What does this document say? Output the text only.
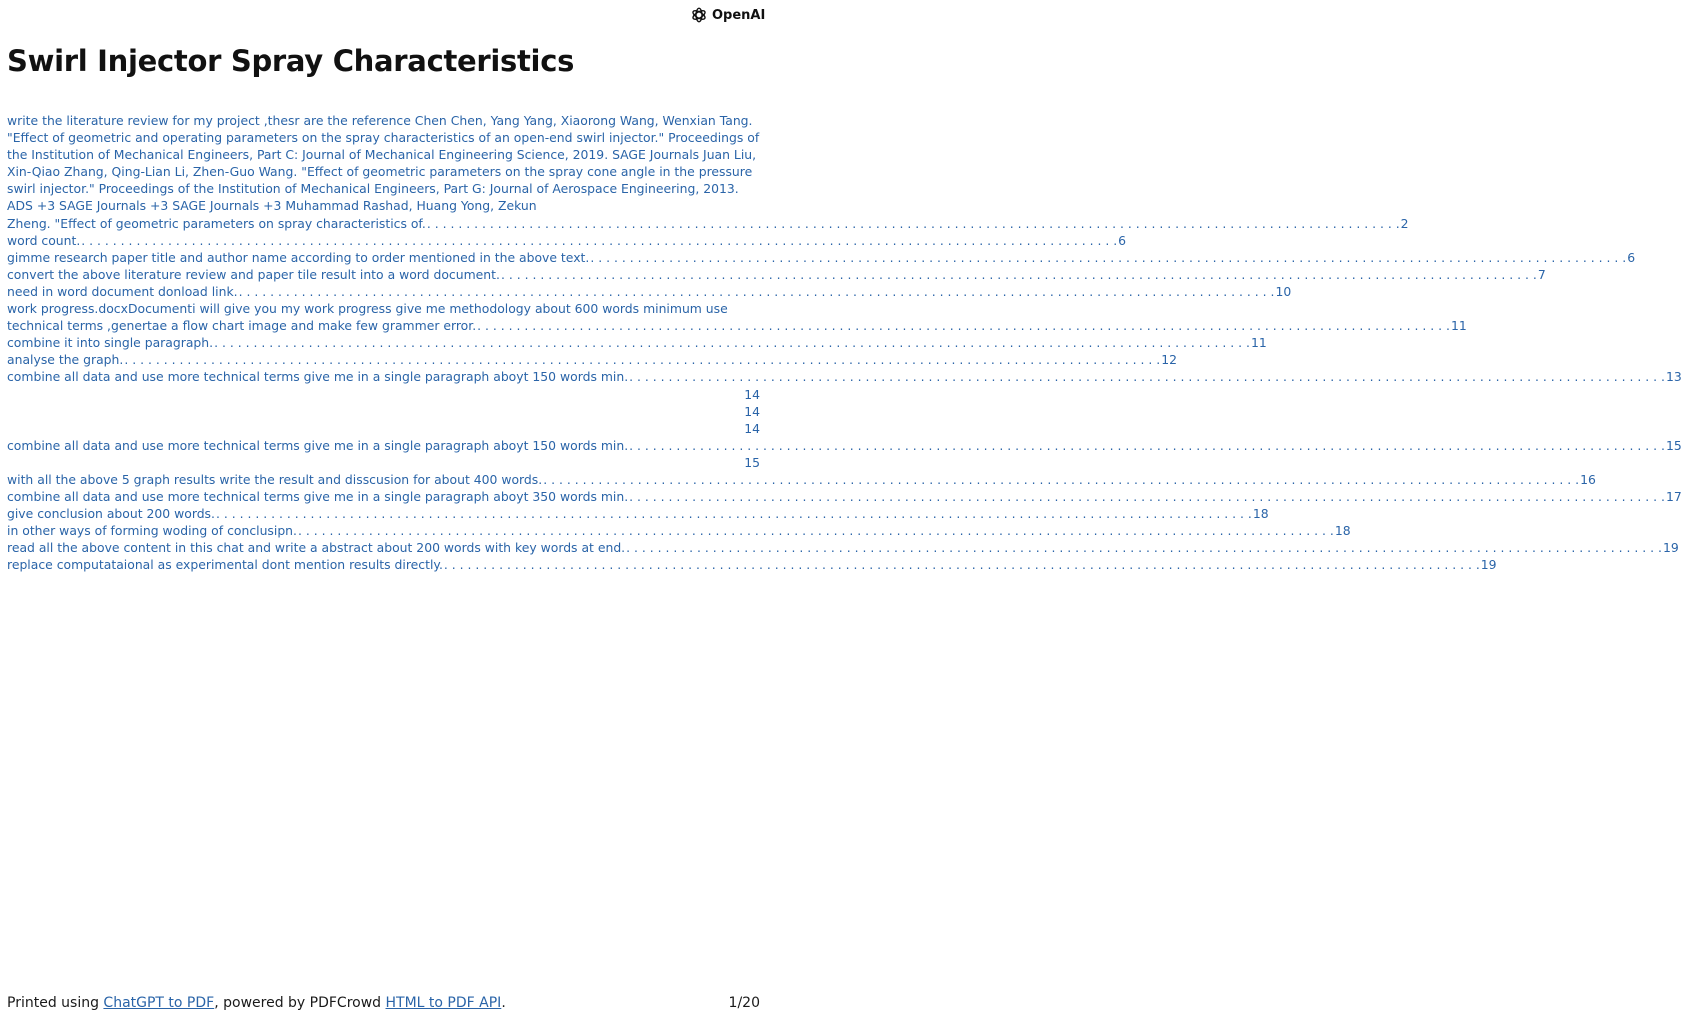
OpenAI
Swirl Injector Spray Characteristics
write the literature review for my project ,thesr are the reference Chen Chen, Yang Yang, Xiaorong Wang, Wenxian Tang. "Effect of geometric and operating parameters on the spray characteristics of an open-end swirl injector." Proceedings of the Institution of Mechanical Engineers, Part C: Journal of Mechanical Engineering Science, 2019. SAGE Journals Juan Liu, Xin-Qiao Zhang, Qing-Lian Li, Zhen-Guo Wang. "Effect of geometric parameters on the spray cone angle in the pressure swirl injector." Proceedings of the Institution of Mechanical Engineers, Part G: Journal of Aerospace Engineering, 2013. ADS +3 SAGE Journals +3 SAGE Journals +3 Muhammad Rashad, Huang Yong, Zekun
Zheng. "Effect of geometric parameters on spray characteristics of. . . .	2
word count. . . .	6
gimme research paper title and author name according to order mentioned in the above text. . . .	6
convert the above literature review and paper tile result into a word document. . . .	7
need in word document donload link. . . .	10
work progress.docxDocumenti will give you my work progress give me methodology about 600 words minimum use
technical terms ,genertae a flow chart image and make few grammer error. . . .	11
combine it into single paragraph. . . .	11
analyse the graph. . . .	12
combine all data and use more technical terms give me in a single paragraph aboyt 150 words min. . . .	13
14
14
14
combine all data and use more technical terms give me in a single paragraph aboyt 150 words min. . . .	15
15
with all the above 5 graph results write the result and disscusion for about 400 words. . . .	16
combine all data and use more technical terms give me in a single paragraph aboyt 350 words min. . . .	17
give conclusion about 200 words. . . .	18
in other ways of forming woding of conclusipn. . . .	18
read all the above content in this chat and write a abstract about 200 words with key words at end. . . .	19
replace computataional as experimental dont mention results directly. . . .	19
Printed using ChatGPT to PDF, powered by PDFCrowd HTML to PDF API.	1/20
